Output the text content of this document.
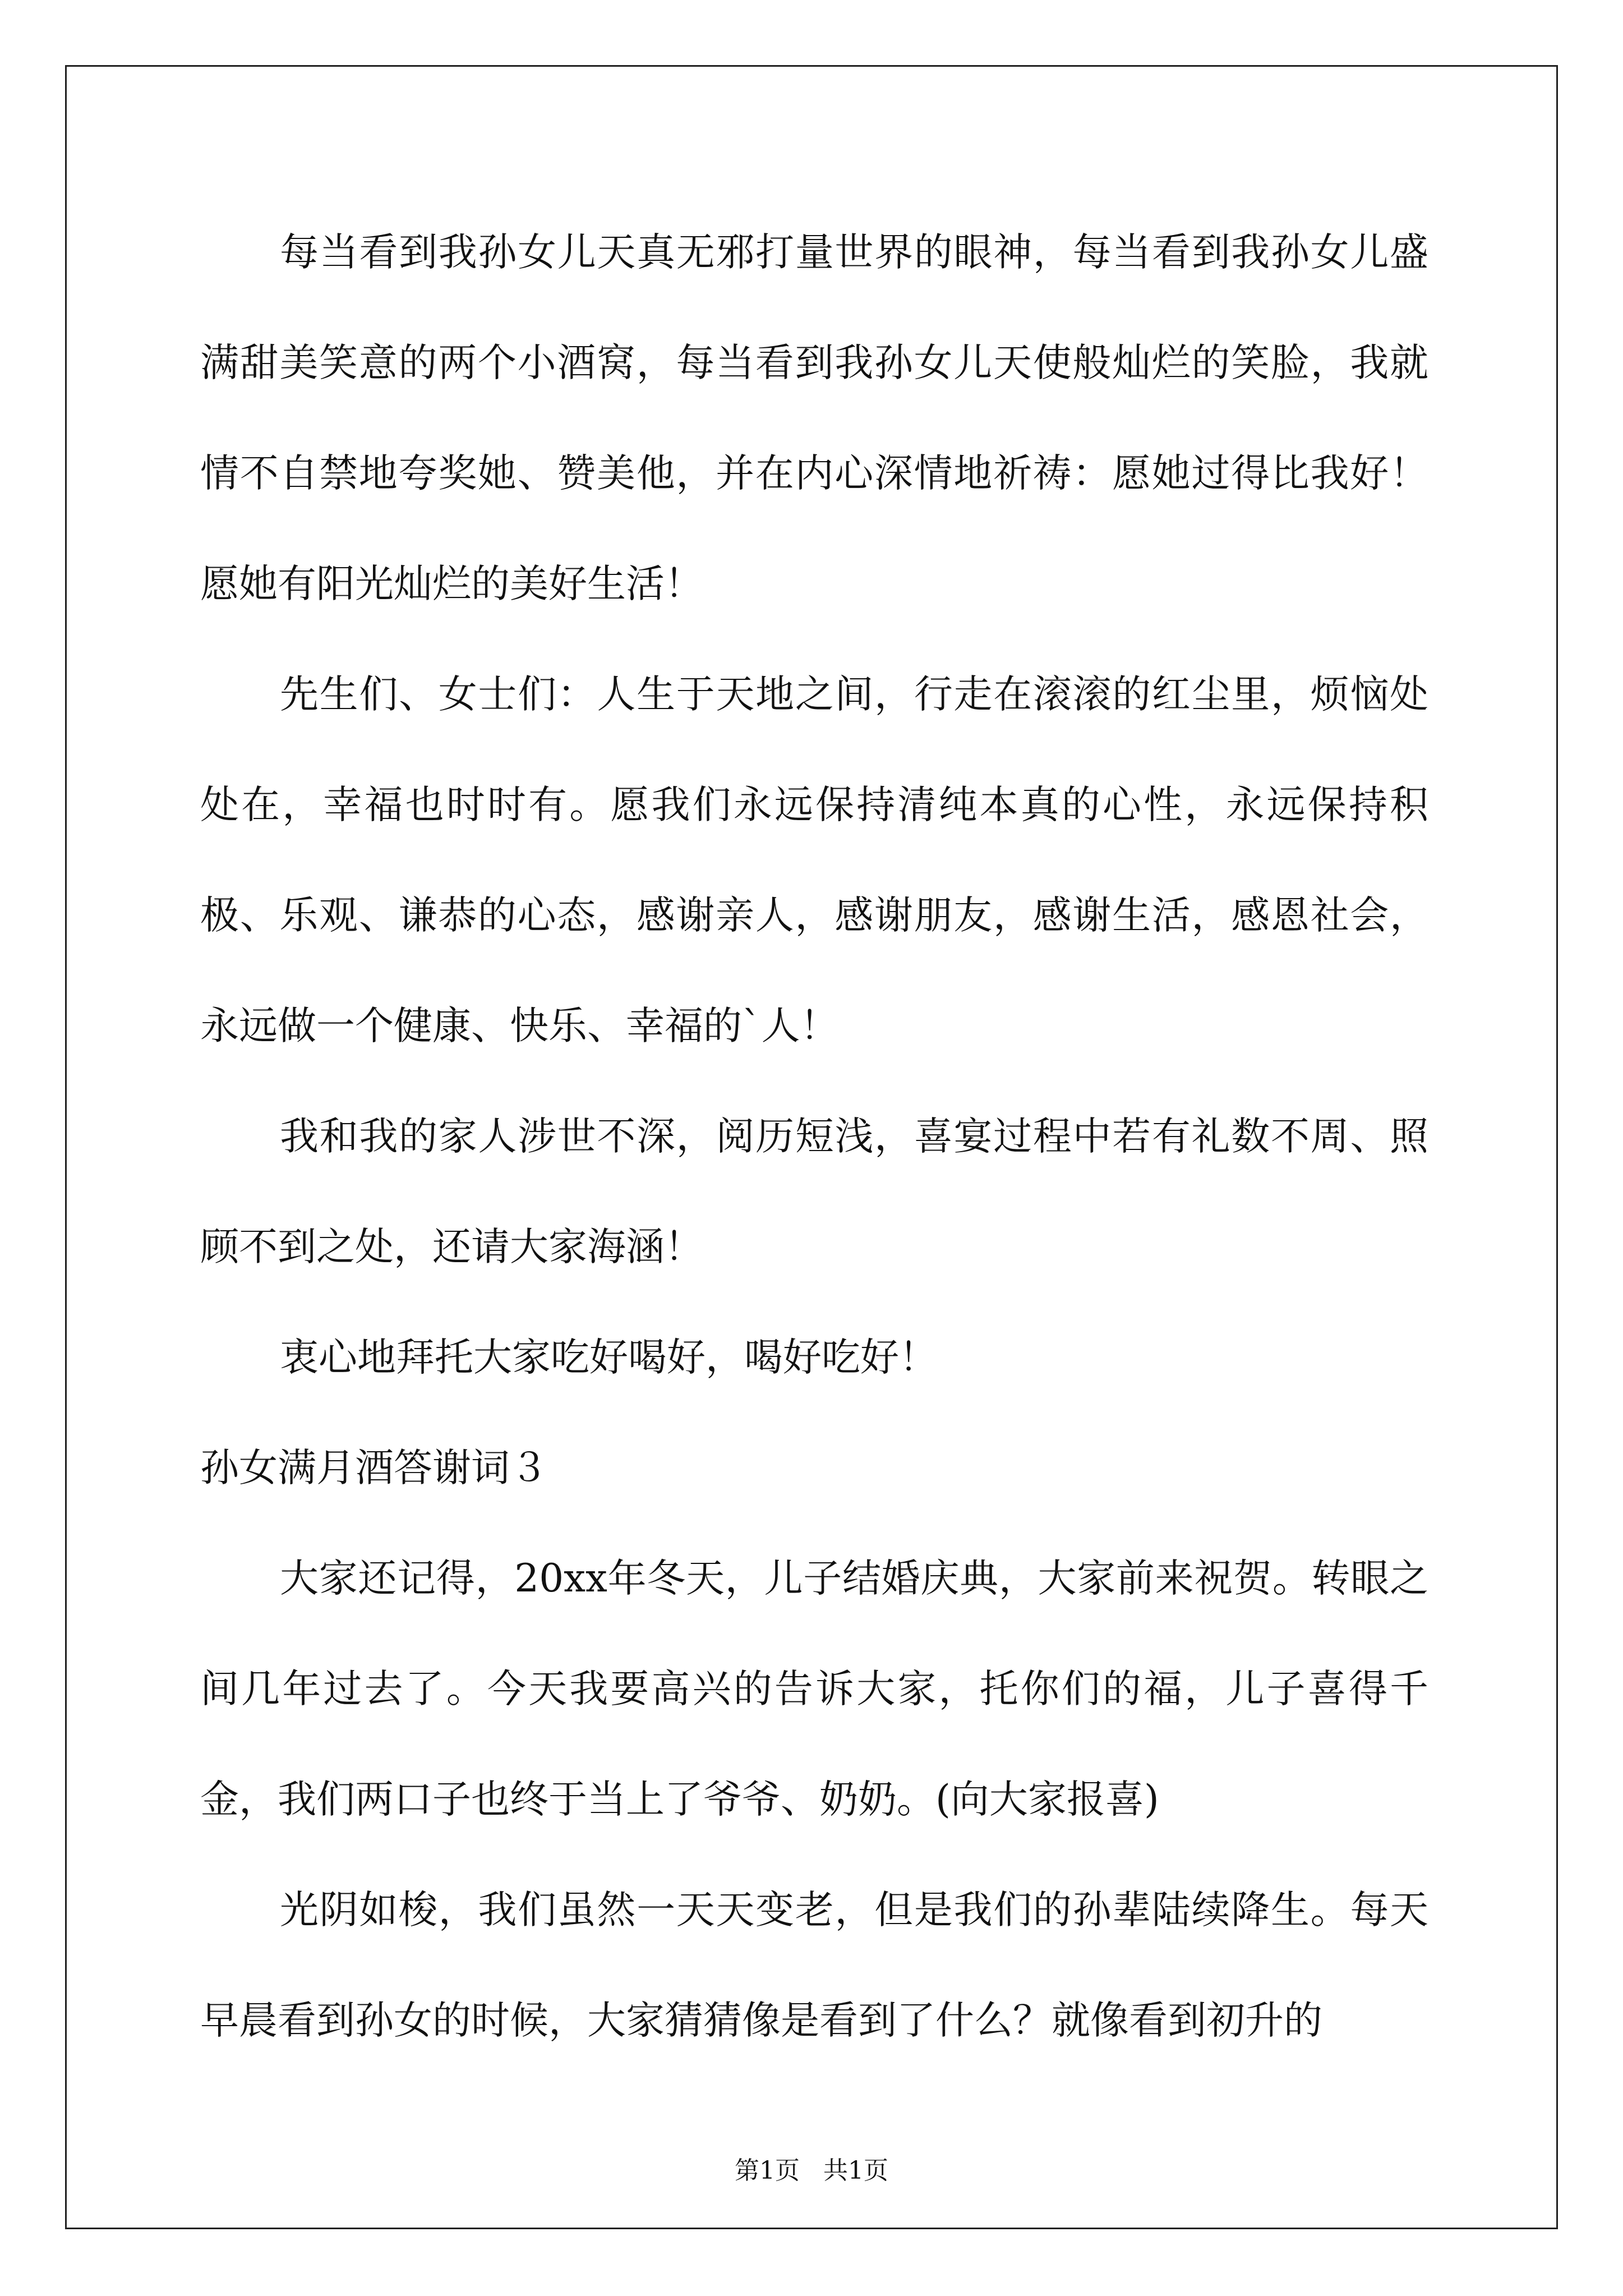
每当看到我孙女儿天真无邪打量世界的眼神，每当看到我孙女儿盛满甜美笑意的两个小酒窝，每当看到我孙女儿天使般灿烂的笑脸，我就情不自禁地夸奖她、赞美他，并在内心深情地祈祷：愿她过得比我好！愿她有阳光灿烂的美好生活！

先生们、女士们：人生于天地之间，行走在滚滚的红尘里，烦恼处处在，幸福也时时有。愿我们永远保持清纯本真的心性，永远保持积极、乐观、谦恭的心态，感谢亲人，感谢朋友，感谢生活，感恩社会，永远做一个健康、快乐、幸福的`人！

我和我的家人涉世不深，阅历短浅，喜宴过程中若有礼数不周、照顾不到之处，还请大家海涵！

衷心地拜托大家吃好喝好，喝好吃好！

孙女满月酒答谢词３

大家还记得，20xx年冬天，儿子结婚庆典，大家前来祝贺。转眼之间几年过去了。今天我要高兴的告诉大家，托你们的福，儿子喜得千金，我们两口子也终于当上了爷爷、奶奶。(向大家报喜)

光阴如梭，我们虽然一天天变老，但是我们的孙辈陆续降生。每天早晨看到孙女的时候，大家猜猜像是看到了什么？就像看到初升的

第1页 共1页
